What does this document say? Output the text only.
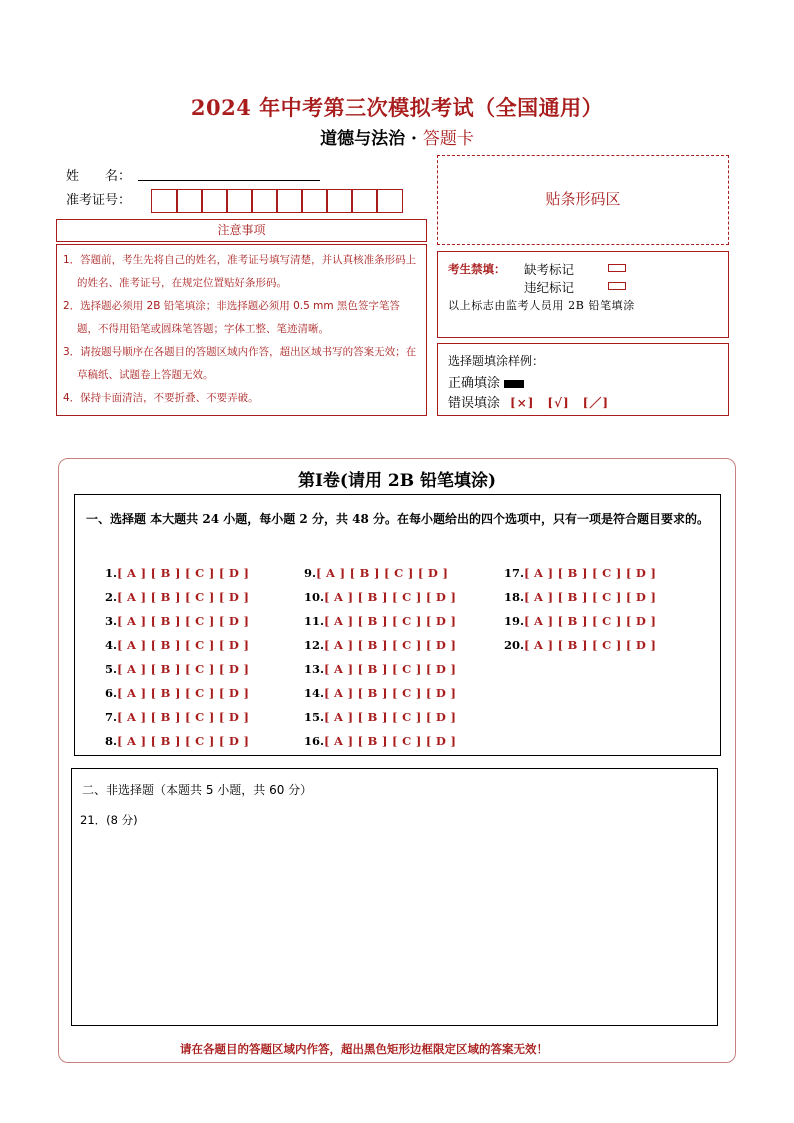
2024 年中考第三次模拟考试（全国通用）
道德与法治 · 答题卡
姓　　名：
准考证号：
注意事项
1．答题前，考生先将自己的姓名，准考证号填写清楚，并认真核准条形码上的姓名、准考证号，在规定位置贴好条形码。
2．选择题必须用 2B 铅笔填涂；非选择题必须用 0.5 mm 黑色签字笔答题，不得用铅笔或圆珠笔答题；字体工整、笔迹清晰。
3．请按题号顺序在各题目的答题区域内作答，超出区域书写的答案无效；在草稿纸、试题卷上答题无效。
4．保持卡面清洁，不要折叠、不要弄破。
贴条形码区
考生禁填： 缺考标记
违纪标记
以上标志由监考人员用 2B 铅笔填涂
选择题填涂样例：
正确填涂
错误填涂 [×]　[√]　[／]
第Ⅰ卷(请用 2B 铅笔填涂)
一、选择题 本大题共 24 小题，每小题 2 分，共 48 分。在每小题给出的四个选项中，只有一项是符合题目要求的。
1.[ A ] [ B ] [ C ] [ D ]
2.[ A ] [ B ] [ C ] [ D ]
3.[ A ] [ B ] [ C ] [ D ]
4.[ A ] [ B ] [ C ] [ D ]
5.[ A ] [ B ] [ C ] [ D ]
6.[ A ] [ B ] [ C ] [ D ]
7.[ A ] [ B ] [ C ] [ D ]
8.[ A ] [ B ] [ C ] [ D ]
9.[ A ] [ B ] [ C ] [ D ]
10.[ A ] [ B ] [ C ] [ D ]
11.[ A ] [ B ] [ C ] [ D ]
12.[ A ] [ B ] [ C ] [ D ]
13.[ A ] [ B ] [ C ] [ D ]
14.[ A ] [ B ] [ C ] [ D ]
15.[ A ] [ B ] [ C ] [ D ]
16.[ A ] [ B ] [ C ] [ D ]
17.[ A ] [ B ] [ C ] [ D ]
18.[ A ] [ B ] [ C ] [ D ]
19.[ A ] [ B ] [ C ] [ D ]
20.[ A ] [ B ] [ C ] [ D ]
二、非选择题（本题共 5 小题，共 60 分）
21．(8 分)
请在各题目的答题区域内作答，超出黑色矩形边框限定区域的答案无效！
